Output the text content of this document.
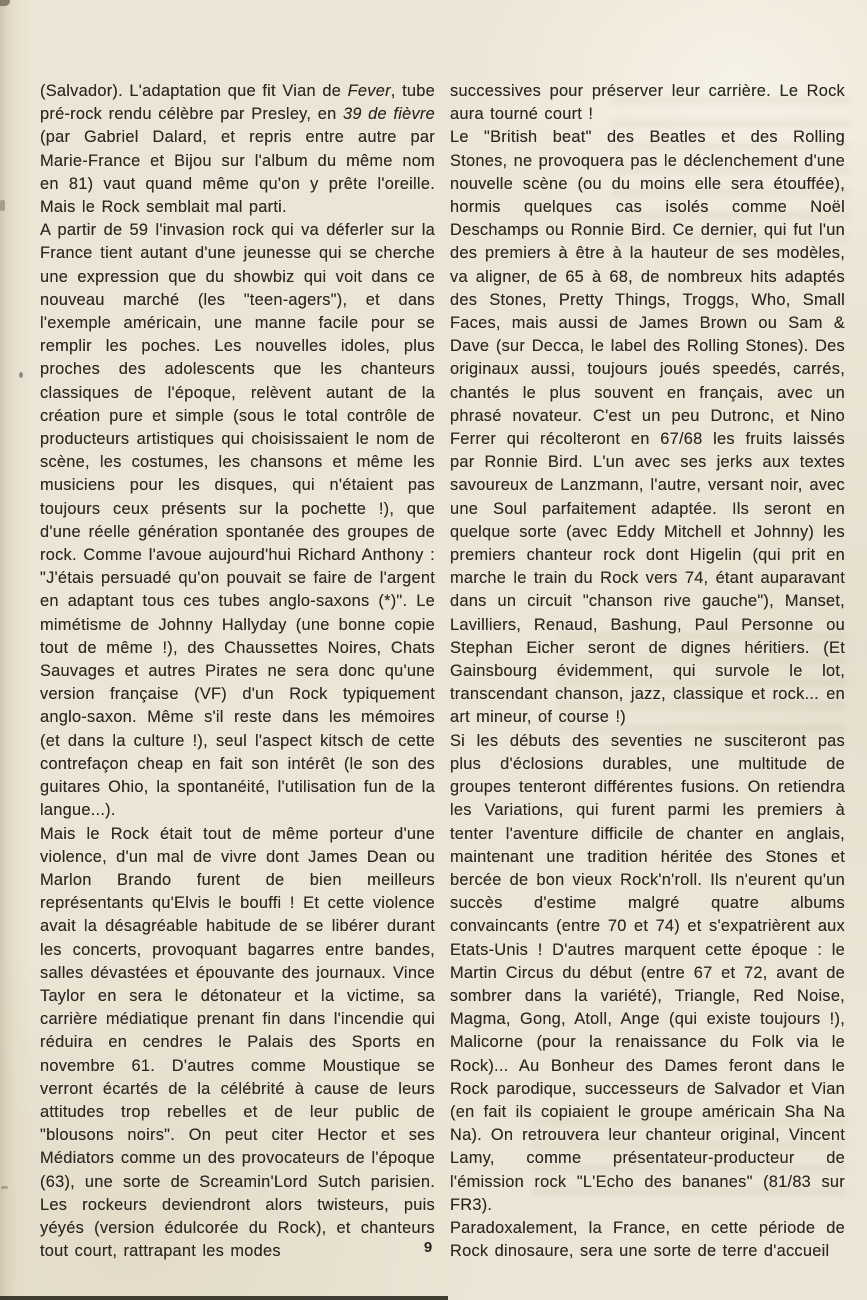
(Salvador). L'adaptation que fit Vian de Fever, tube pré-rock rendu célèbre par Presley, en 39 de fièvre (par Gabriel Dalard, et repris entre autre par Marie-France et Bijou sur l'album du même nom en 81) vaut quand même qu'on y prête l'oreille. Mais le Rock semblait mal parti.

A partir de 59 l'invasion rock qui va déferler sur la France tient autant d'une jeunesse qui se cherche une expression que du showbiz qui voit dans ce nouveau marché (les "teen-agers"), et dans l'exemple américain, une manne facile pour se remplir les poches. Les nouvelles idoles, plus proches des adolescents que les chanteurs classiques de l'époque, relèvent autant de la création pure et simple (sous le total contrôle de producteurs artistiques qui choisissaient le nom de scène, les costumes, les chansons et même les musiciens pour les disques, qui n'étaient pas toujours ceux présents sur la pochette !), que d'une réelle génération spontanée des groupes de rock. Comme l'avoue aujourd'hui Richard Anthony : "J'étais persuadé qu'on pouvait se faire de l'argent en adaptant tous ces tubes anglo-saxons (*)". Le mimétisme de Johnny Hallyday (une bonne copie tout de même !), des Chaussettes Noires, Chats Sauvages et autres Pirates ne sera donc qu'une version française (VF) d'un Rock typiquement anglo-saxon. Même s'il reste dans les mémoires (et dans la culture !), seul l'aspect kitsch de cette contrefaçon cheap en fait son intérêt (le son des guitares Ohio, la spontanéité, l'utilisation fun de la langue...).

Mais le Rock était tout de même porteur d'une violence, d'un mal de vivre dont James Dean ou Marlon Brando furent de bien meilleurs représentants qu'Elvis le bouffi ! Et cette violence avait la désagréable habitude de se libérer durant les concerts, provoquant bagarres entre bandes, salles dévastées et épouvante des journaux. Vince Taylor en sera le détonateur et la victime, sa carrière médiatique prenant fin dans l'incendie qui réduira en cendres le Palais des Sports en novembre 61. D'autres comme Moustique se verront écartés de la célébrité à cause de leurs attitudes trop rebelles et de leur public de "blousons noirs". On peut citer Hector et ses Médiators comme un des provocateurs de l'époque (63), une sorte de Screamin'Lord Sutch parisien. Les rockeurs deviendront alors twisteurs, puis yéyés (version édulcorée du Rock), et chanteurs tout court, rattrapant les modes

successives pour préserver leur carrière. Le Rock aura tourné court !

Le "British beat" des Beatles et des Rolling Stones, ne provoquera pas le déclenchement d'une nouvelle scène (ou du moins elle sera étouffée), hormis quelques cas isolés comme Noël Deschamps ou Ronnie Bird. Ce dernier, qui fut l'un des premiers à être à la hauteur de ses modèles, va aligner, de 65 à 68, de nombreux hits adaptés des Stones, Pretty Things, Troggs, Who, Small Faces, mais aussi de James Brown ou Sam & Dave (sur Decca, le label des Rolling Stones). Des originaux aussi, toujours joués speedés, carrés, chantés le plus souvent en français, avec un phrasé novateur. C'est un peu Dutronc, et Nino Ferrer qui récolteront en 67/68 les fruits laissés par Ronnie Bird. L'un avec ses jerks aux textes savoureux de Lanzmann, l'autre, versant noir, avec une Soul parfaitement adaptée. Ils seront en quelque sorte (avec Eddy Mitchell et Johnny) les premiers chanteur rock dont Higelin (qui prit en marche le train du Rock vers 74, étant auparavant dans un circuit "chanson rive gauche"), Manset, Lavilliers, Renaud, Bashung, Paul Personne ou Stephan Eicher seront de dignes héritiers. (Et Gainsbourg évidemment, qui survole le lot, transcendant chanson, jazz, classique et rock... en art mineur, of course !)

Si les débuts des seventies ne susciteront pas plus d'éclosions durables, une multitude de groupes tenteront différentes fusions. On retiendra les Variations, qui furent parmi les premiers à tenter l'aventure difficile de chanter en anglais, maintenant une tradition héritée des Stones et bercée de bon vieux Rock'n'roll. Ils n'eurent qu'un succès d'estime malgré quatre albums convaincants (entre 70 et 74) et s'expatrièrent aux Etats-Unis ! D'autres marquent cette époque : le Martin Circus du début (entre 67 et 72, avant de sombrer dans la variété), Triangle, Red Noise, Magma, Gong, Atoll, Ange (qui existe toujours !), Malicorne (pour la renaissance du Folk via le Rock)... Au Bonheur des Dames feront dans le Rock parodique, successeurs de Salvador et Vian (en fait ils copiaient le groupe américain Sha Na Na). On retrouvera leur chanteur original, Vincent Lamy, comme présentateur-producteur de l'émission rock "L'Echo des bananes" (81/83 sur FR3).

Paradoxalement, la France, en cette période de Rock dinosaure, sera une sorte de terre d'accueil

9
